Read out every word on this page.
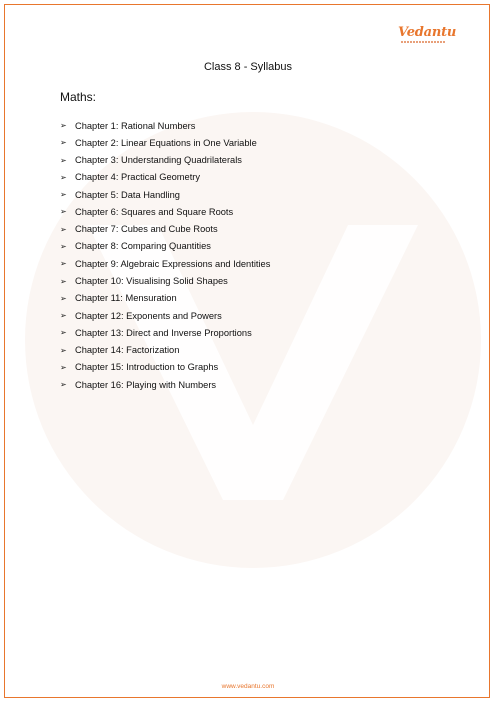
Vedantu
Class 8 - Syllabus
Maths:
➢ Chapter 1: Rational Numbers
➢ Chapter 2: Linear Equations in One Variable
➢ Chapter 3: Understanding Quadrilaterals
➢ Chapter 4: Practical Geometry
➢ Chapter 5: Data Handling
➢ Chapter 6: Squares and Square Roots
➢ Chapter 7: Cubes and Cube Roots
➢ Chapter 8: Comparing Quantities
➢ Chapter 9: Algebraic Expressions and Identities
➢ Chapter 10: Visualising Solid Shapes
➢ Chapter 11: Mensuration
➢ Chapter 12: Exponents and Powers
➢ Chapter 13: Direct and Inverse Proportions
➢ Chapter 14: Factorization
➢ Chapter 15: Introduction to Graphs
➢ Chapter 16: Playing with Numbers
www.vedantu.com
